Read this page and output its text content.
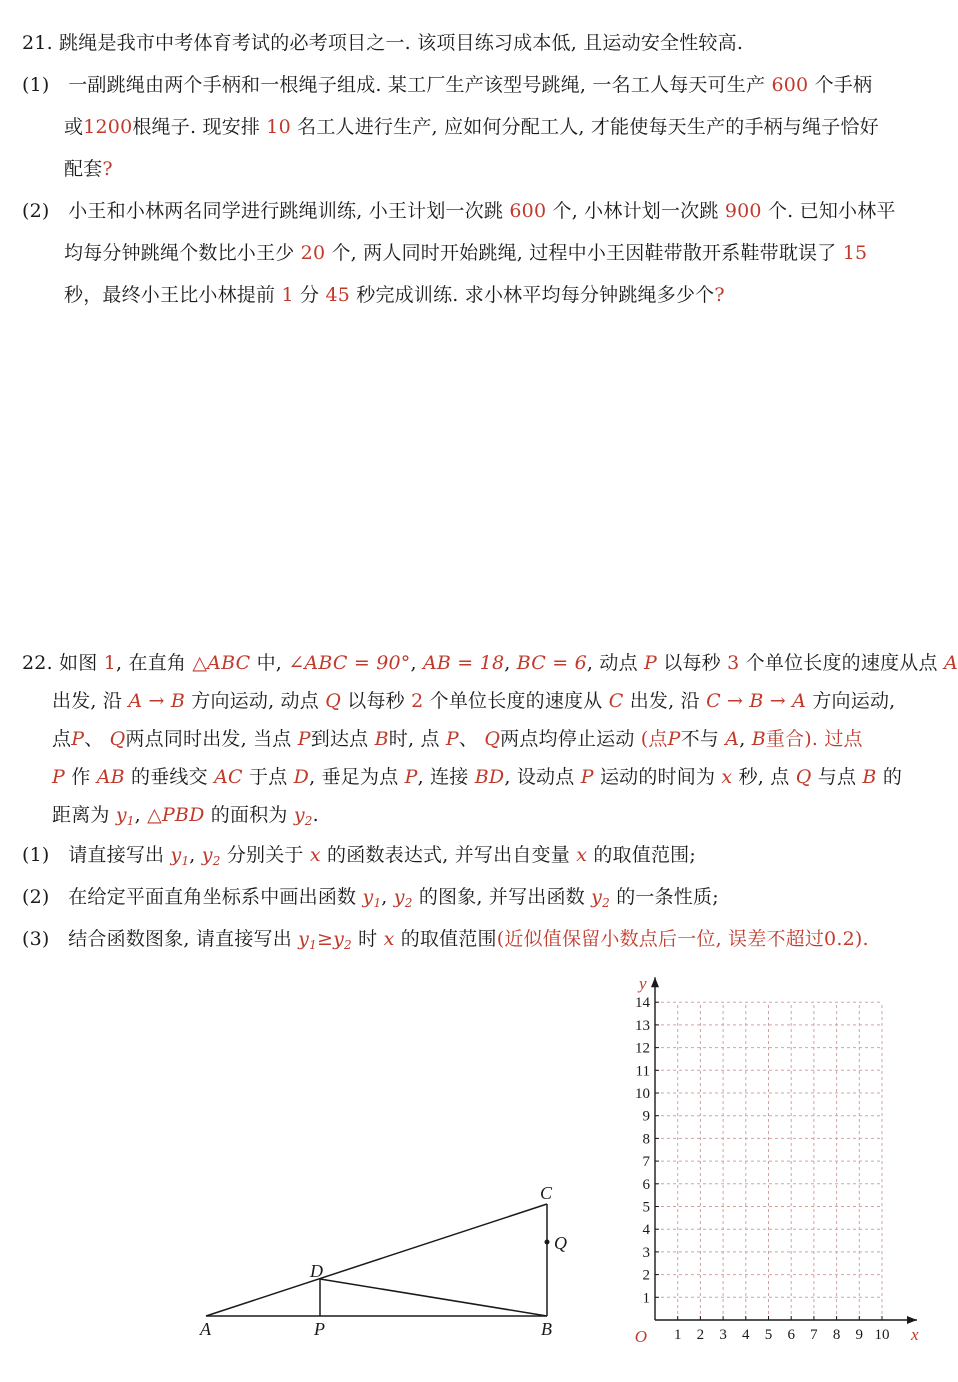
21. 跳绳是我市中考体育考试的必考项目之一. 该项目练习成本低, 且运动安全性较高.
(1) 一副跳绳由两个手柄和一根绳子组成. 某工厂生产该型号跳绳, 一名工人每天可生产 600 个手柄
或1200根绳子. 现安排 10 名工人进行生产, 应如何分配工人, 才能使每天生产的手柄与绳子恰好
配套?
(2) 小王和小林两名同学进行跳绳训练, 小王计划一次跳 600 个, 小林计划一次跳 900 个. 已知小林平
均每分钟跳绳个数比小王少 20 个, 两人同时开始跳绳, 过程中小王因鞋带散开系鞋带耽误了 15
秒，最终小王比小林提前 1 分 45 秒完成训练. 求小林平均每分钟跳绳多少个?
22. 如图 1, 在直角 △ABC 中, ∠ABC = 90°, AB = 18, BC = 6, 动点 P 以每秒 3 个单位长度的速度从点 A
出发, 沿 A → B 方向运动, 动点 Q 以每秒 2 个单位长度的速度从 C 出发, 沿 C → B → A 方向运动,
点P、 Q两点同时出发, 当点 P到达点 B时, 点 P、 Q两点均停止运动 (点P不与 A, B重合). 过点
P 作 AB 的垂线交 AC 于点 D, 垂足为点 P, 连接 BD, 设动点 P 运动的时间为 x 秒, 点 Q 与点 B 的
距离为 $y_1$, △PBD 的面积为 $y_2$.
(1) 请直接写出 $y_1$, $y_2$ 分别关于 x 的函数表达式, 并写出自变量 x 的取值范围;
(2) 在给定平面直角坐标系中画出函数 $y_1$, $y_2$ 的图象, 并写出函数 $y_2$ 的一条性质;
(3) 结合函数图象, 请直接写出 $y_1\ge y_2$ 时 x 的取值范围(近似值保留小数点后一位, 误差不超过0.2).
A	P	B
C
D
Q
1 2 3 4 5 6 7 8 9 10
1
2
3
4
5
6
7
8
9
10
11
12
13
14
O	x
y
